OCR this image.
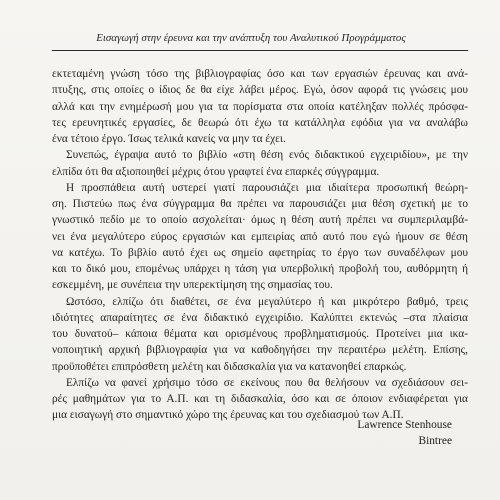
Εισαγωγή στην έρευνα και την ανάπτυξη του Αναλυτικού Προγράμματος

εκτεταμένη γνώση τόσο της βιβλιογραφίας όσο και των εργασιών έρευνας και ανά-
πτυξης, στις οποίες ο ίδιος δε θα είχε λάβει μέρος. Εγώ, όσον αφορά τις γνώσεις μου
αλλά και την ενημέρωσή μου για τα πορίσματα στα οποία κατέληξαν πολλές πρόσφα-
τες ερευνητικές εργασίες, δε θεωρώ ότι έχω τα κατάλληλα εφόδια για να αναλάβω
ένα τέτοιο έργο. Ίσως τελικά κανείς να μην τα έχει.

Συνεπώς, έγραψα αυτό το βιβλίο «στη θέση ενός διδακτικού εγχειριδίου», με την
ελπίδα ότι θα αξιοποιηθεί μέχρις ότου γραφτεί ένα επαρκές σύγγραμμα.

Η προσπάθεια αυτή υστερεί γιατί παρουσιάζει μια ιδιαίτερα προσωπική θεώρη-
ση. Πιστεύω πως ένα σύγγραμμα θα πρέπει να παρουσιάζει μια θέση σχετική με το
γνωστικό πεδίο με το οποίο ασχολείται· όμως η θέση αυτή πρέπει να συμπεριλαμβά-
νει ένα μεγαλύτερο εύρος εργασιών και εμπειρίας από αυτό που εγώ ήμουν σε θέση
να κατέχω. Το βιβλίο αυτό έχει ως σημείο αφετηρίας το έργο των συναδέλφων μου
και το δικό μου, επομένως υπάρχει η τάση για υπερβολική προβολή του, αυθόρμητη ή
εσκεμμένη, με συνέπεια την υπερεκτίμηση της σημασίας του.

Ωστόσο, ελπίζω ότι διαθέτει, σε ένα μεγαλύτερο ή και μικρότερο βαθμό, τρεις
ιδιότητες απαραίτητες σε ένα διδακτικό εγχειρίδιο. Καλύπτει εκτενώς –στα πλαίσια
του δυνατού– κάποια θέματα και ορισμένους προβληματισμούς. Προτείνει μια ικα-
νοποιητική αρχική βιβλιογραφία για να καθοδηγήσει την περαιτέρω μελέτη. Επίσης,
προϋποθέτει επιπρόσθετη μελέτη και διδασκαλία για να κατανοηθεί επαρκώς.

Ελπίζω να φανεί χρήσιμο τόσο σε εκείνους που θα θελήσουν να σχεδιάσουν σει-
ρές μαθημάτων για το Α.Π. και τη διδασκαλία, όσο και σε όποιον ενδιαφέρεται για
μια εισαγωγή στο σημαντικό χώρο της έρευνας και του σχεδιασμού των Α.Π.

Lawrence Stenhouse
Bintree
